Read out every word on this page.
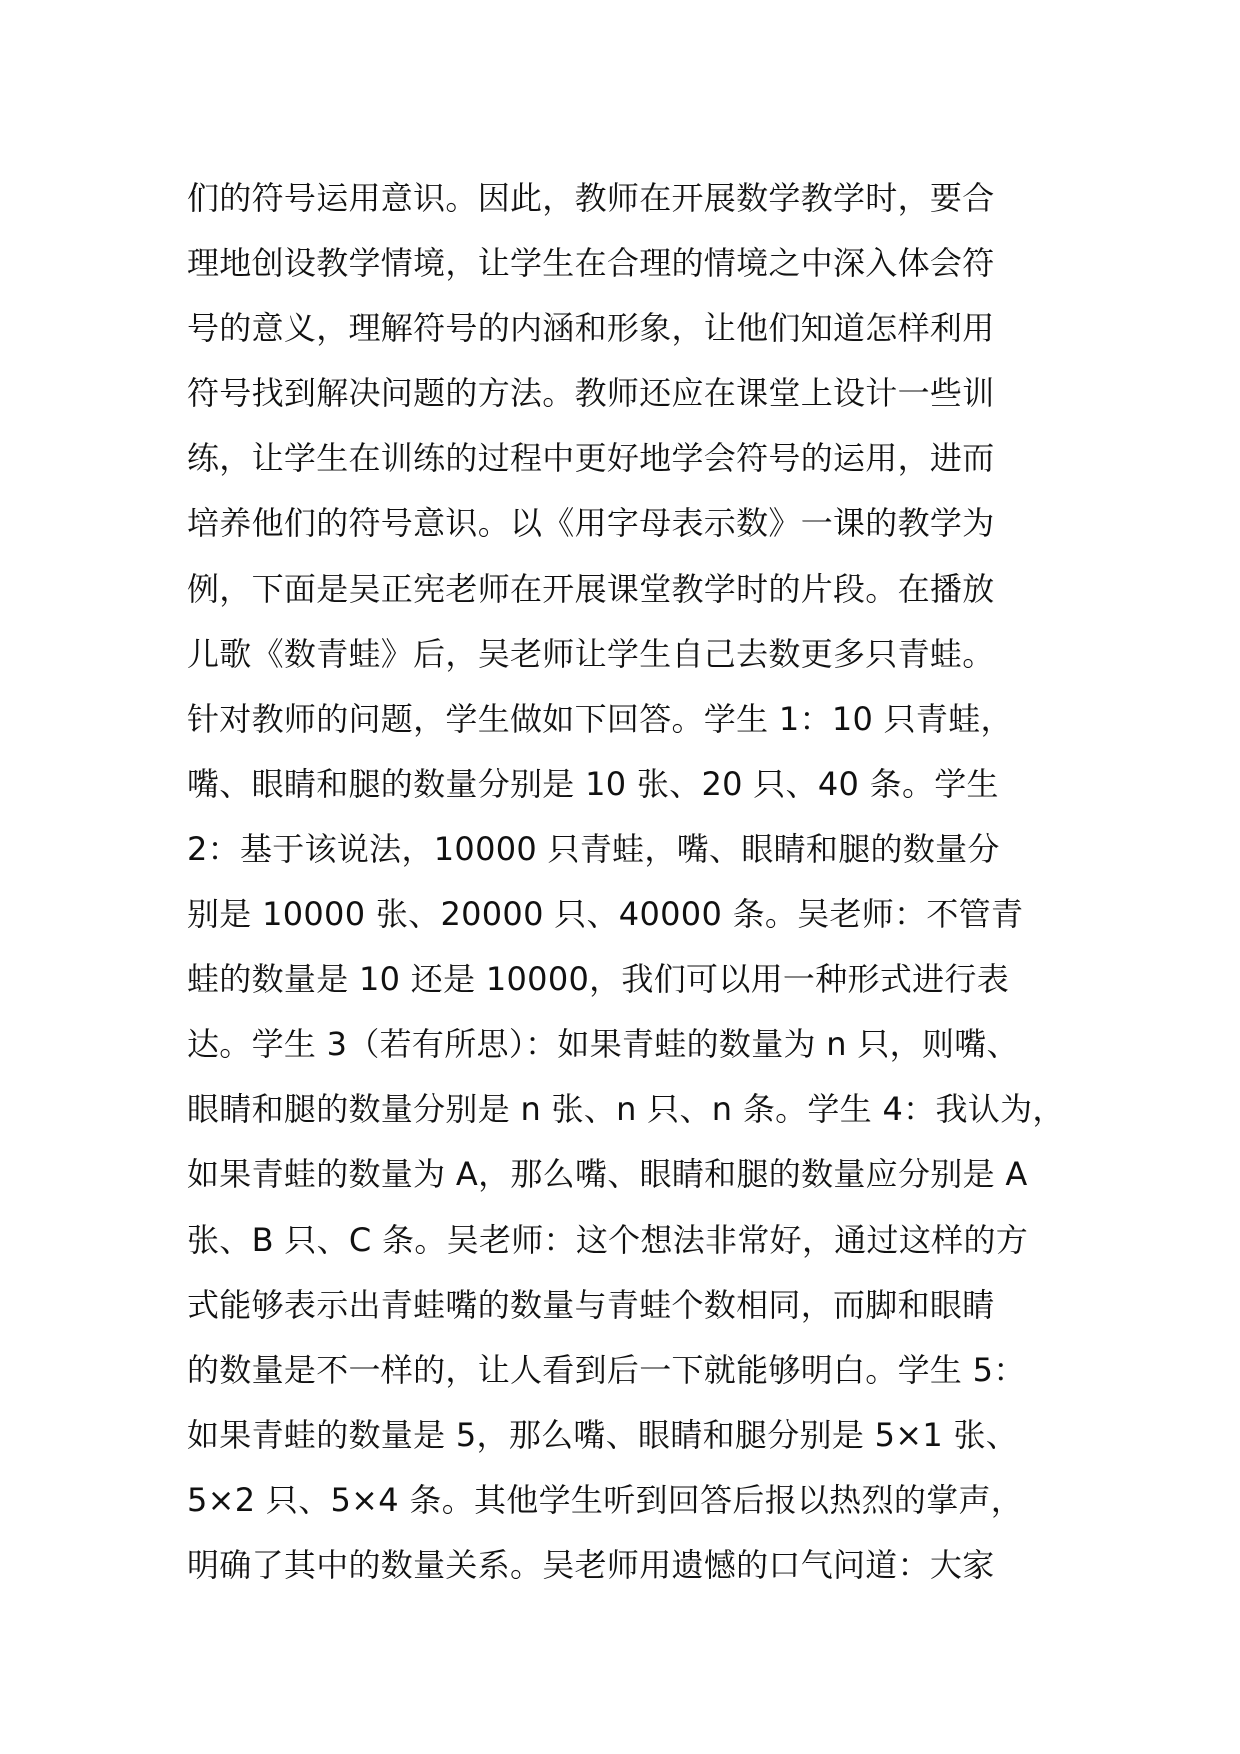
们的符号运用意识。因此，教师在开展数学教学时，要合
理地创设教学情境，让学生在合理的情境之中深入体会符
号的意义，理解符号的内涵和形象，让他们知道怎样利用
符号找到解决问题的方法。教师还应在课堂上设计一些训
练，让学生在训练的过程中更好地学会符号的运用，进而
培养他们的符号意识。以《用字母表示数》一课的教学为
例，下面是吴正宪老师在开展课堂教学时的片段。在播放
儿歌《数青蛙》后，吴老师让学生自己去数更多只青蛙。
针对教师的问题，学生做如下回答。学生 1：10 只青蛙，
嘴、眼睛和腿的数量分别是 10 张、20 只、40 条。学生
2：基于该说法，10000 只青蛙，嘴、眼睛和腿的数量分
别是 10000 张、20000 只、40000 条。吴老师：不管青
蛙的数量是 10 还是 10000，我们可以用一种形式进行表
达。学生 3（若有所思）：如果青蛙的数量为 n 只，则嘴、
眼睛和腿的数量分别是 n 张、n 只、n 条。学生 4：我认为，
如果青蛙的数量为 A，那么嘴、眼睛和腿的数量应分别是 A
张、B 只、C 条。吴老师：这个想法非常好，通过这样的方
式能够表示出青蛙嘴的数量与青蛙个数相同，而脚和眼睛
的数量是不一样的，让人看到后一下就能够明白。学生 5：
如果青蛙的数量是 5，那么嘴、眼睛和腿分别是 5×1 张、
5×2 只、5×4 条。其他学生听到回答后报以热烈的掌声，
明确了其中的数量关系。吴老师用遗憾的口气问道：大家
